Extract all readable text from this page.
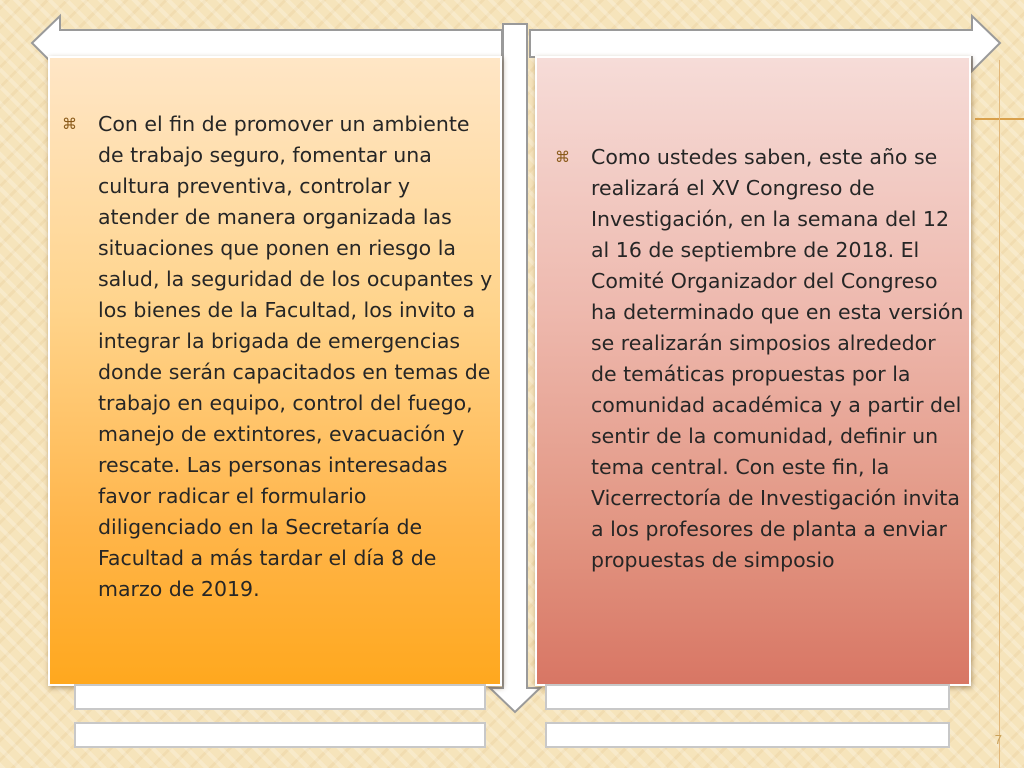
⌘	Con el fin de promover un ambiente de trabajo seguro, fomentar una cultura preventiva, controlar y atender de manera organizada las situaciones que ponen en riesgo la salud, la seguridad de los ocupantes y los bienes de la Facultad, los invito a integrar la brigada de emergencias donde serán capacitados en temas de trabajo en equipo, control del fuego, manejo de extintores, evacuación y rescate. Las personas interesadas favor radicar el formulario diligenciado en la Secretaría de Facultad a más tardar el día 8 de marzo de 2019.
⌘	Como ustedes saben, este año se realizará el XV Congreso de Investigación, en la semana del 12 al 16 de septiembre de 2018. El Comité Organizador del Congreso ha determinado que en esta versión se realizarán simposios alrededor de temáticas propuestas por la comunidad académica y a partir del sentir de la comunidad, definir un tema central. Con este fin, la Vicerrectoría de Investigación invita a los profesores de planta a enviar propuestas de simposio
7
